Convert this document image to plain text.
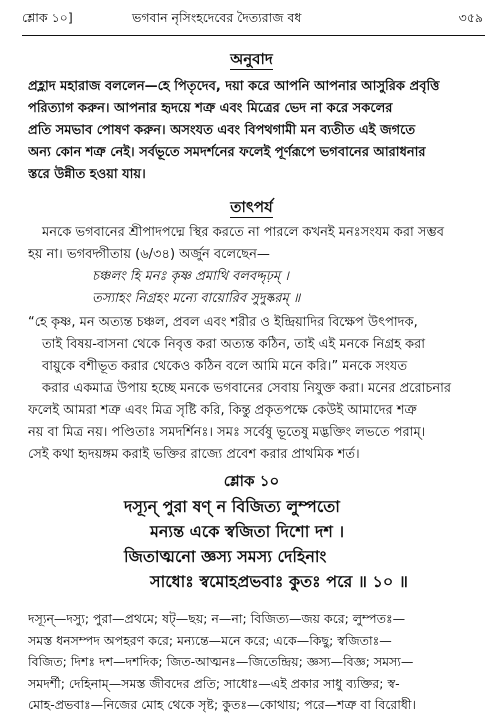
শ্লোক ১০]	ভগবান নৃসিংহদেবের দৈত্যরাজ বধ	৩৫৯
অনুবাদ
প্রহ্লাদ মহারাজ বললেন—হে পিতৃদেব, দয়া করে আপনি আপনার আসুরিক প্রবৃত্তি
পরিত্যাগ করুন। আপনার হৃদয়ে শত্রু এবং মিত্রের ভেদ না করে সকলের
প্রতি সমভাব পোষণ করুন। অসংযত এবং বিপথগামী মন ব্যতীত এই জগতে
অন্য কোন শত্রু নেই। সর্বভূতে সমদর্শনের ফলেই পূর্ণরূপে ভগবানের আরাধনার
স্তরে উন্নীত হওয়া যায়।
তাৎপর্য
মনকে ভগবানের শ্রীপাদপদ্মে স্থির করতে না পারলে কখনই মনঃসংযম করা সম্ভব
হয় না। ভগবদ্গীতায় (৬/৩৪) অর্জুন বলেছেন—
চঞ্চলং হি মনঃ কৃষ্ণ প্রমাথি বলবদ্দৃঢ়ম্ ।
তস্যাহং নিগ্রহং মন্যে বায়োরিব সুদুষ্করম্ ॥
“হে কৃষ্ণ, মন অত্যন্ত চঞ্চল, প্রবল এবং শরীর ও ইন্দ্রিয়াদির বিক্ষেপ উৎপাদক,
তাই বিষয়-বাসনা থেকে নিবৃত্ত করা অত্যন্ত কঠিন, তাই এই মনকে নিগ্রহ করা
বায়ুকে বশীভূত করার থেকেও কঠিন বলে আমি মনে করি।” মনকে সংযত
করার একমাত্র উপায় হচ্ছে মনকে ভগবানের সেবায় নিযুক্ত করা। মনের প্ররোচনার
ফলেই আমরা শত্রু এবং মিত্র সৃষ্টি করি, কিন্তু প্রকৃতপক্ষে কেউই আমাদের শত্রু
নয় বা মিত্র নয়। পণ্ডিতাঃ সমদর্শিনঃ। সমঃ সর্বেষু ভূতেষু মদ্ভক্তিং লভতে পরাম্।
সেই কথা হৃদয়ঙ্গম করাই ভক্তির রাজ্যে প্রবেশ করার প্রাথমিক শর্ত।
শ্লোক ১০
দস্যূন্ পুরা ষণ্ ন বিজিত্য লুম্পতো
মন্যন্ত একে স্বজিতা দিশো দশ ।
জিতাত্মনো জ্ঞস্য সমস্য দেহিনাং
সাধোঃ স্বমোহপ্রভবাঃ কুতঃ পরে ॥ ১০ ॥
দস্যূন্—দস্যু; পুরা—প্রথমে; ষট্—ছয়; ন—না; বিজিত্য—জয় করে; লুম্পতঃ—
সমস্ত ধনসম্পদ অপহরণ করে; মন্যন্তে—মনে করে; একে—কিছু; স্বজিতাঃ—
বিজিত; দিশঃ দশ—দশদিক; জিত-আত্মনঃ—জিতেন্দ্রিয়; জ্ঞস্য—বিজ্ঞ; সমস্য—
সমদর্শী; দেহিনাম্—সমস্ত জীবদের প্রতি; সাধোঃ—এই প্রকার সাধু ব্যক্তির; স্ব-
মোহ-প্রভবাঃ—নিজের মোহ থেকে সৃষ্ট; কুতঃ—কোথায়; পরে—শত্রু বা বিরোধী।
